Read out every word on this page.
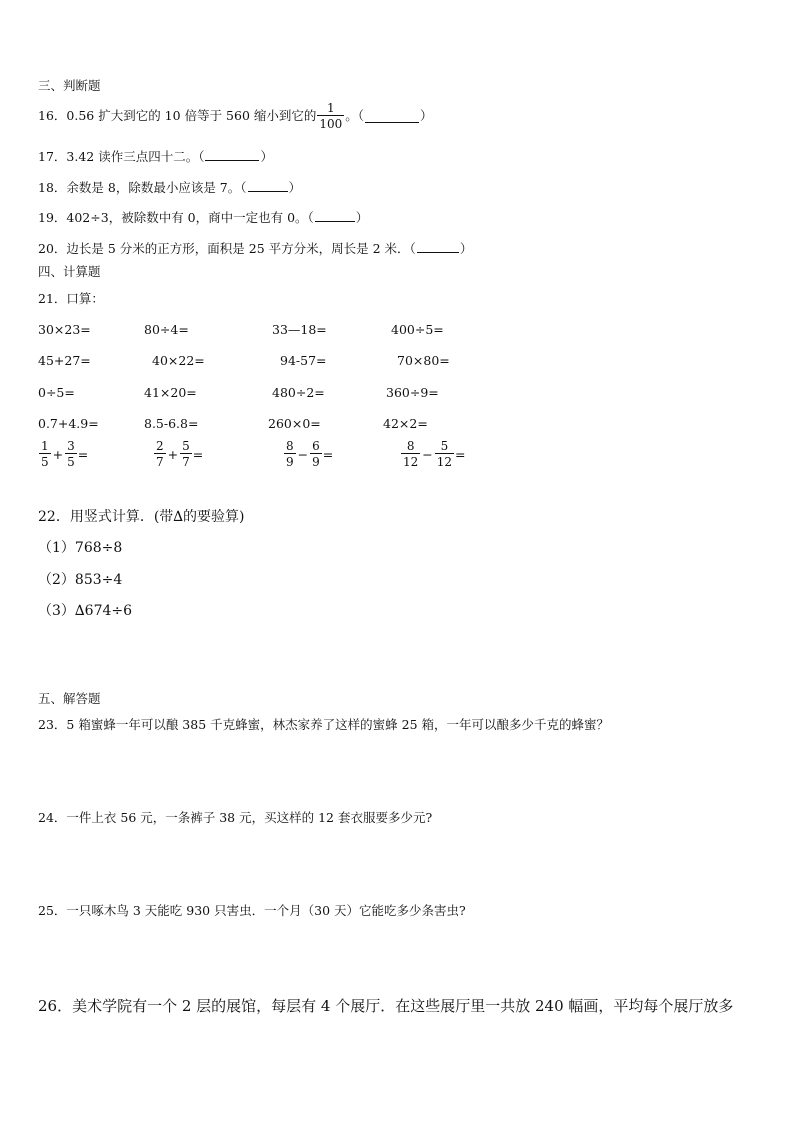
三、判断题
16．0.56 扩大到它的 10 倍等于 560 缩小到它的 $\frac{1}{100}$ 。（	）
17．3.42 读作三点四十二。（	）
18．余数是 8，除数最小应该是 7。（	）
19．402÷3，被除数中有 0，商中一定也有 0。（	）
20．边长是 5 分米的正方形，面积是 25 平方分米，周长是 2 米．（	）
四、计算题
21．口算：
30×23=	80÷4=	33—18=	400÷5=
45+27=	40×22=	94-57=	70×80=
0÷5=	41×20=	480÷2=	360÷9=
0.7+4.9=	8.5-6.8=	260×0=	42×2=
$\frac{1}{5} + \frac{3}{5}$ =	$\frac{2}{7} + \frac{5}{7}$ =	$\frac{8}{9} - \frac{6}{9}$ =	$\frac{8}{12} - \frac{5}{12}$ =
22．用竖式计算．(带∆的要验算)
（1）768÷8
（2）853÷4
（3）∆674÷6
五、解答题
23．5 箱蜜蜂一年可以酿 385 千克蜂蜜，林杰家养了这样的蜜蜂 25 箱，一年可以酿多少千克的蜂蜜？
24．一件上衣 56 元，一条裤子 38 元，买这样的 12 套衣服要多少元?
25．一只啄木鸟 3 天能吃 930 只害虫．一个月（30 天）它能吃多少条害虫?
26．美术学院有一个 2 层的展馆，每层有 4 个展厅．在这些展厅里一共放 240 幅画，平均每个展厅放多
